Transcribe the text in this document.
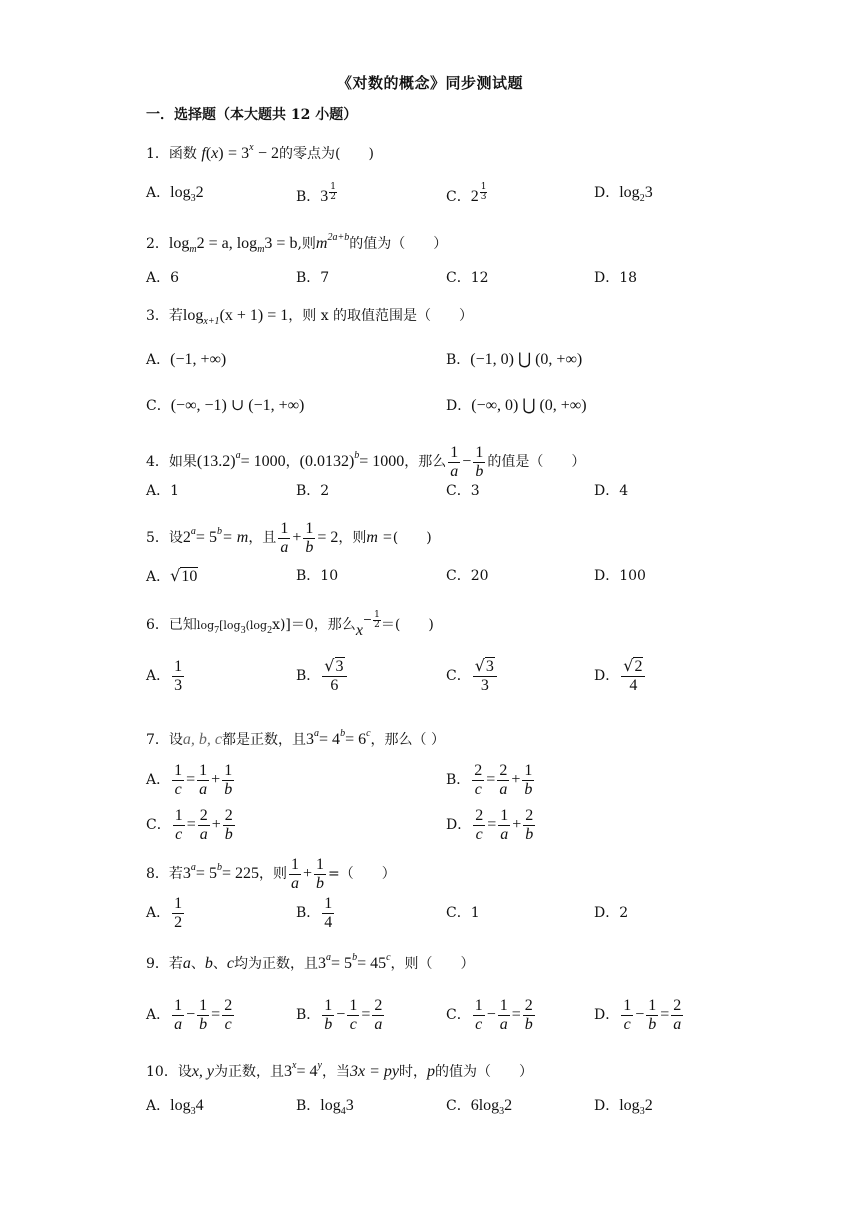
《对数的概念》同步测试题
一．选择题（本大题共 12 小题）
1．函数 $f(x) = 3^x - 2$的零点为(　　)
A．$\log_32$	B．$3 \frac{1}{2}$	C．$2 \frac{1}{3}$	D．$\log_23$
2．$\log_m2 = a$, $\log_m3 = b$,则$m^{2a+b}$的值为（　　）
A．6	B．7	C．12	D．18
3．若$\log_{x+1}(x + 1) = 1$，则 x 的取值范围是（　　）
A．(−1, +∞)	B．(−1, 0) ⋃ (0, +∞)
C．(−∞, −1) ∪ (−1, +∞)	D．(−∞, 0) ⋃ (0, +∞)
4．如果$(13.2)^a= 1000$，$(0.0132)^b= 1000$，那么 $\frac{1}{a} - \frac{1}{b}$ 的值是（　　）
A．1	B．2	C．3	D．4
5．设$2^a= 5^b= m$，且 $\frac{1}{a} + \frac{1}{b} = 2$，则m =(　　)
A．√10	B．10	C．20	D．100
6．已知$\log_7[\log_3(\log_2x)]=0$，那么$x^- \frac{1}{2}$ ＝(　　)
A． $\frac{1}{3}$	B． $\frac{√3}{6}$	C． $\frac{√3}{3}$	D． $\frac{√2}{4}$
7．设a, b, c都是正数，且$3^a= 4^b= 6^c$，那么（ ）
A． $\frac{1}{c} = \frac{1}{a} + \frac{1}{b}$	B． $\frac{2}{c} = \frac{2}{a} + \frac{1}{b}$
C． $\frac{1}{c} = \frac{2}{a} + \frac{2}{b}$	D． $\frac{2}{c} = \frac{1}{a} + \frac{2}{b}$
8．若$3^a= 5^b= 225$，则 $\frac{1}{a} + \frac{1}{b}$ =（　　）
A． $\frac{1}{2}$	B． $\frac{1}{4}$	C．1	D．2
9．若a、b、c均为正数，且$3^a= 5^b= 45^c$，则（　　）
A． $\frac{1}{a} - \frac{1}{b} = \frac{2}{c}$	B． $\frac{1}{b} - \frac{1}{c} = \frac{2}{a}$	C． $\frac{1}{c} - \frac{1}{a} = \frac{2}{b}$	D． $\frac{1}{c} - \frac{1}{b} = \frac{2}{a}$
10．设x, y为正数，且$3^x= 4^y$，当3x = py时，p的值为（　　）
A．$\log_34$	B．$\log_43$	C．$6\log_32$	D．$\log_32$
